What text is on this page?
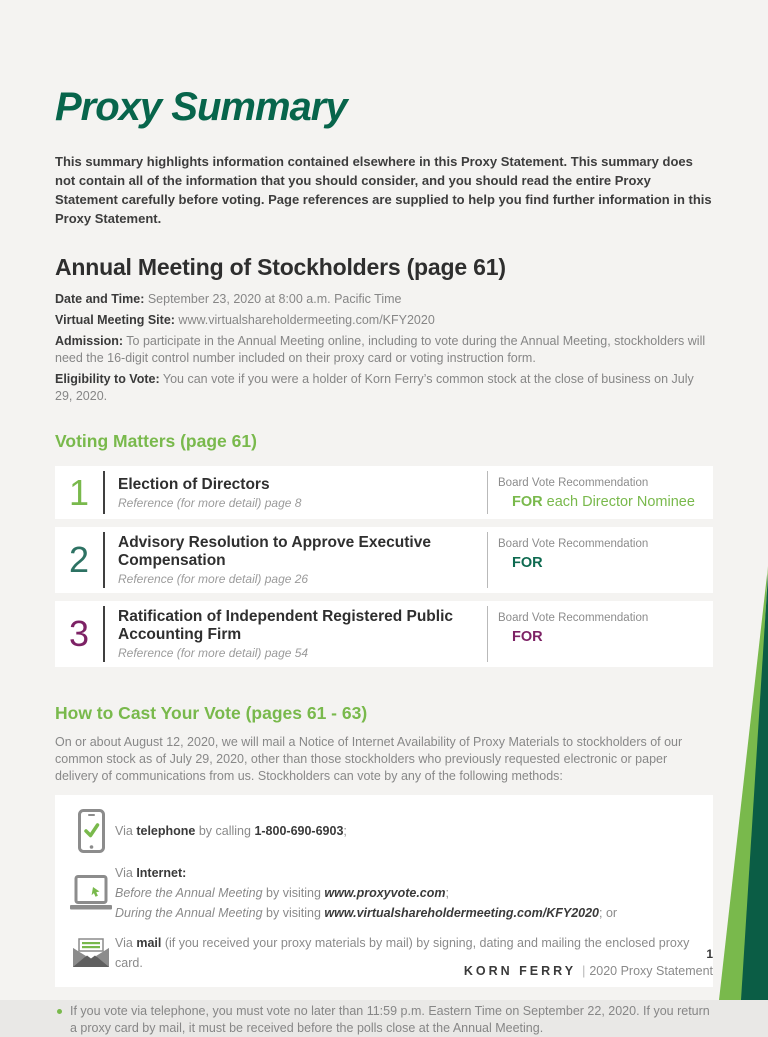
Proxy Summary

This summary highlights information contained elsewhere in this Proxy Statement. This summary does not contain all of the information that you should consider, and you should read the entire Proxy Statement carefully before voting. Page references are supplied to help you find further information in this Proxy Statement.

Annual Meeting of Stockholders (page 61)

Date and Time: September 23, 2020 at 8:00 a.m. Pacific Time

Virtual Meeting Site: www.virtualshareholdermeeting.com/KFY2020

Admission: To participate in the Annual Meeting online, including to vote during the Annual Meeting, stockholders will need the 16-digit control number included on their proxy card or voting instruction form.

Eligibility to Vote: You can vote if you were a holder of Korn Ferry’s common stock at the close of business on July 29, 2020.

Voting Matters (page 61)
1	Election of Directors
Reference (for more detail) page 8
Board Vote Recommendation
FOR each Director Nominee
2	Advisory Resolution to Approve Executive Compensation
Reference (for more detail) page 26
Board Vote Recommendation
FOR
3	Ratification of Independent Registered Public Accounting Firm
Reference (for more detail) page 54
Board Vote Recommendation
FOR
How to Cast Your Vote (pages 61 - 63)

On or about August 12, 2020, we will mail a Notice of Internet Availability of Proxy Materials to stockholders of our common stock as of July 29, 2020, other than those stockholders who previously requested electronic or paper delivery of communications from us. Stockholders can vote by any of the following methods:

Via telephone by calling 1-800-690-6903;
Via Internet:
Before the Annual Meeting by visiting www.proxyvote.com;
During the Annual Meeting by visiting www.virtualshareholdermeeting.com/KFY2020; or
Via mail (if you received your proxy materials by mail) by signing, dating and mailing the enclosed proxy card.

If you vote via telephone, you must vote no later than 11:59 p.m. Eastern Time on September 22, 2020. If you return a proxy card by mail, it must be received before the polls close at the Annual Meeting.

1
KORN FERRY | 2020 Proxy Statement
